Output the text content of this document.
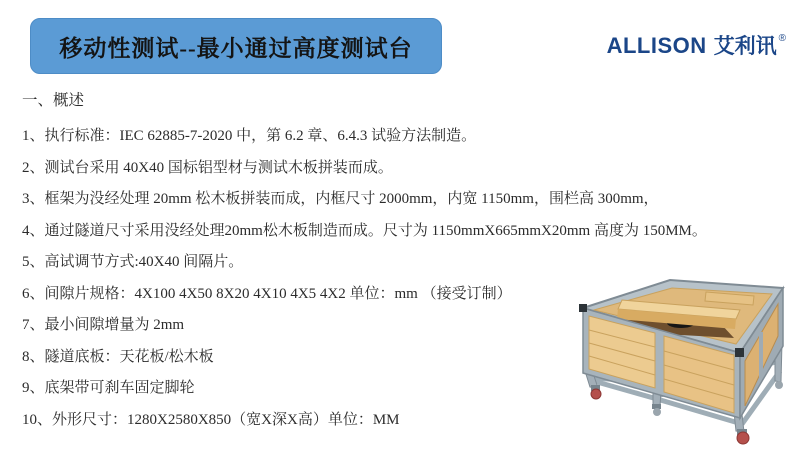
移动性测试--最小通过高度测试台	ALLISON 艾利讯 ®

一、概述

1、执行标准：IEC 62885-7-2020 中，第 6.2 章、6.4.3 试验方法制造。

2、测试台采用 40X40 国标铝型材与测试木板拼装而成。

3、框架为没经处理 20mm 松木板拼装而成，内框尺寸 2000mm，内宽 1150mm，围栏高 300mm，

4、通过隧道尺寸采用没经处理20mm松木板制造而成。尺寸为 1150mmX665mmX20mm 高度为 150MM。

5、高试调节方式:40X40 间隔片。

6、间隙片规格：4X100 4X50 8X20 4X10 4X5 4X2 单位：mm （接受订制）

7、最小间隙增量为 2mm

8、隧道底板：天花板/松木板

9、底架带可刹车固定脚轮

10、外形尺寸：1280X2580X850（宽X深X高）单位：MM
